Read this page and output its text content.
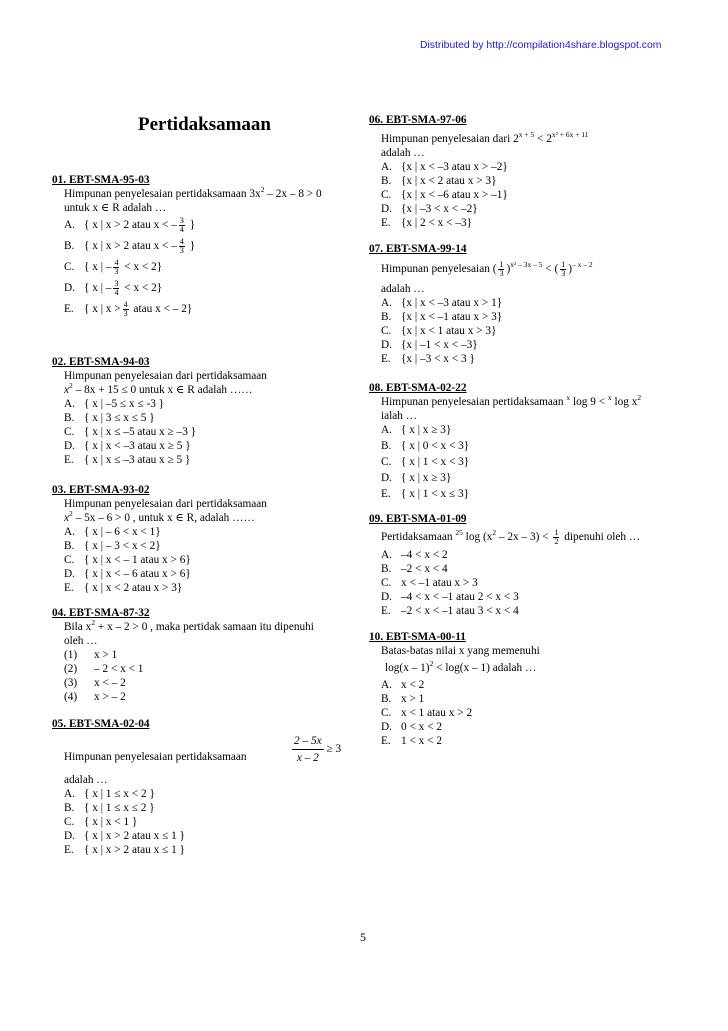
Distributed by http://compilation4share.blogspot.com
Pertidaksamaan
01. EBT-SMA-95-03
Himpunan penyelesaian pertidaksamaan $3x^2 - 2x - 8 > 0$
untuk x ∈ R adalah …
A. { x | x > 2 atau x < – $\frac{3}{4}$ }
B. { x | x > 2 atau x < – $\frac{4}{3}$ }
C. { x | – $\frac{4}{3} < x < 2$}
D. { x | – $\frac{3}{4} < x < 2$}
E. { x | $x > \frac{4}{3}$ atau x < – 2}
02. EBT-SMA-94-03
Himpunan penyelesaian dari pertidaksamaan
$x^2 - 8x + 15 \le 0$ untuk x ∈ R adalah ……
A. { x | –5 ≤ x ≤ -3 }
B. { x | 3 ≤ x ≤ 5 }
C. { x | x ≤ –5 atau x ≥ –3 }
D. { x | x < –3 atau x ≥ 5 }
E. { x | x ≤ –3 atau x ≥ 5 }
03. EBT-SMA-93-02
Himpunan penyelesaian dari pertidaksamaan
$x^2 - 5x - 6 > 0$ , untuk x ∈ R, adalah ……
A. { x | – 6 < x < 1}
B. { x | – 3 < x < 2}
C. { x | x < – 1 atau x > 6}
D. { x | x < – 6 atau x > 6}
E. { x | x < 2 atau x > 3}
04. EBT-SMA-87-32
Bila $x^2 + x - 2 > 0$ , maka pertidak samaan itu dipenuhi
oleh …
(1) x > 1
(2) – 2 < x < 1
(3) x < – 2
(4) x > – 2
05. EBT-SMA-02-04
Himpunan penyelesaian pertidaksamaan	$\frac{2 - 5x}{x - 2} \ge 3$
adalah …
A. { x | 1 ≤ x < 2 }
B. { x | 1 ≤ x ≤ 2 }
C. { x | x < 1 }
D. { x | x > 2 atau x ≤ 1 }
E. { x | x > 2 atau x ≤ 1 }
06. EBT-SMA-97-06
Himpunan penyelesaian dari $2^{x + 5} < 2^{x^2 + 6x + 11}$
adalah …
A. {x | x < –3 atau x > –2}
B. {x | x < 2 atau x > 3}
C. {x | x < –6 atau x > –1}
D. {x | –3 < x < –2}
E. {x | 2 < x < –3}
07. EBT-SMA-99-14
Himpunan penyelesaian ( $\frac{1}{3} )^{x^2 - 3x - 5}$ < ( $\frac{1}{3} )^{- x - 2}$
adalah …
A. {x | x < –3 atau x > 1}
B. {x | x < –1 atau x > 3}
C. {x | x < 1 atau x > 3}
D. {x | –1 < x < –3}
E. {x | –3 < x < 3 }
08. EBT-SMA-02-22
Himpunan penyelesaian pertidaksamaan $^x$ log 9 < $^x$ $\log x^2$
ialah …
A. { x | x ≥ 3}
B. { x | 0 < x < 3}
C. { x | 1 < x < 3}
D. { x | x ≥ 3}
E. { x | 1 < x ≤ 3}
09. EBT-SMA-01-09
Pertidaksamaan $^{25}$ $\log (x^2 - 2x - 3) < \frac{1}{2}$ dipenuhi oleh …
A. –4 < x < 2
B. –2 < x < 4
C. x < –1 atau x > 3
D. –4 < x < –1 atau 2 < x < 3
E. –2 < x < –1 atau 3 < x < 4
10. EBT-SMA-00-11
Batas-batas nilai x yang memenuhi
log(x – 1)$^2$ < log(x – 1) adalah …
A. x < 2
B. x > 1
C. x < 1 atau x > 2
D. 0 < x < 2
E. 1 < x < 2
5
